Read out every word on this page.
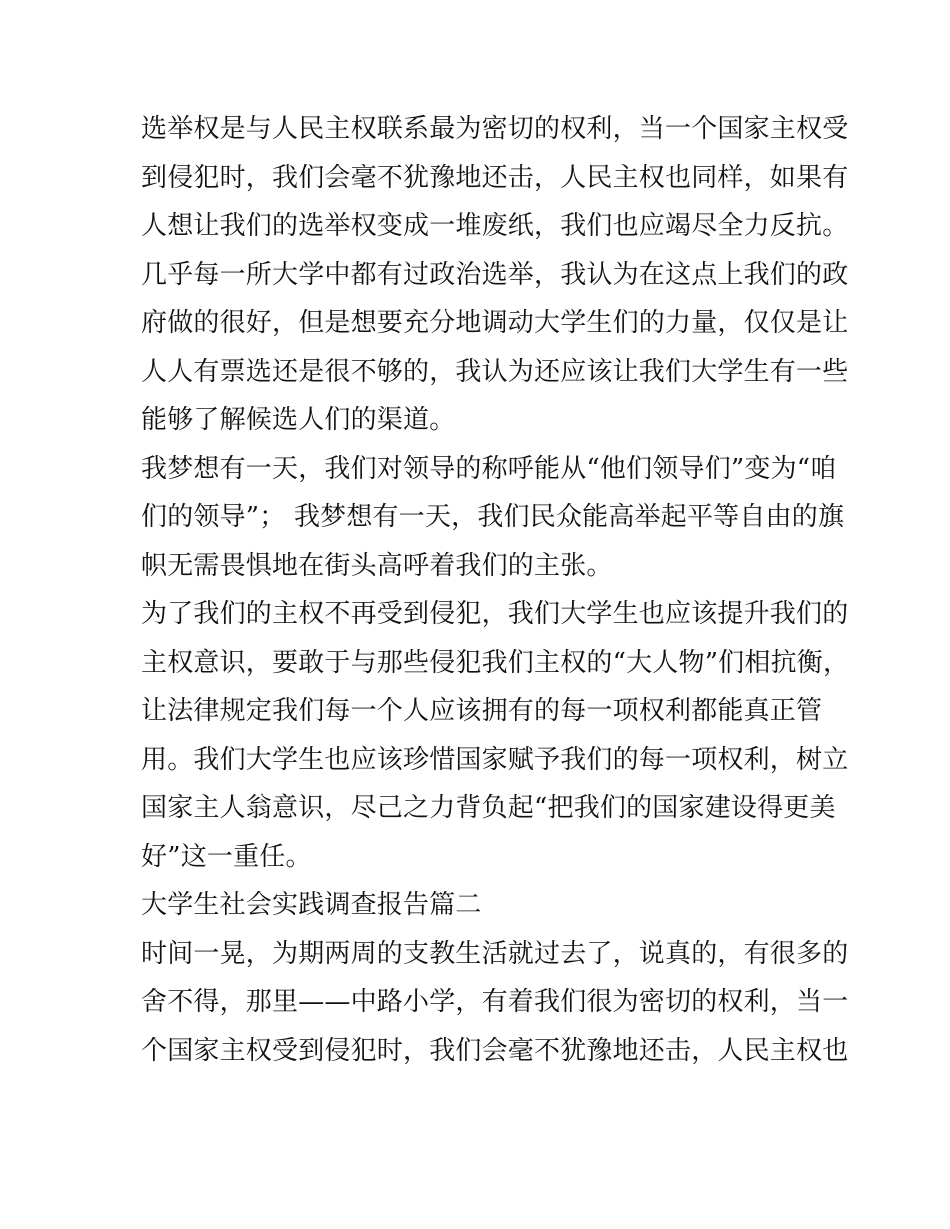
选举权是与人民主权联系最为密切的权利，当一个国家主权受
到侵犯时，我们会毫不犹豫地还击，人民主权也同样，如果有
人想让我们的选举权变成一堆废纸，我们也应竭尽全力反抗。
几乎每一所大学中都有过政治选举，我认为在这点上我们的政
府做的很好，但是想要充分地调动大学生们的力量，仅仅是让
人人有票选还是很不够的，我认为还应该让我们大学生有一些
能够了解候选人们的渠道。
我梦想有一天，我们对领导的称呼能从“他们领导们”变为“咱
们的领导”； 我梦想有一天，我们民众能高举起平等自由的旗
帜无需畏惧地在街头高呼着我们的主张。
为了我们的主权不再受到侵犯，我们大学生也应该提升我们的
主权意识，要敢于与那些侵犯我们主权的“大人物”们相抗衡，
让法律规定我们每一个人应该拥有的每一项权利都能真正管
用。我们大学生也应该珍惜国家赋予我们的每一项权利，树立
国家主人翁意识，尽己之力背负起“把我们的国家建设得更美
好”这一重任。
大学生社会实践调查报告篇二
时间一晃，为期两周的支教生活就过去了，说真的，有很多的
舍不得，那里——中路小学，有着我们很为密切的权利，当一
个国家主权受到侵犯时，我们会毫不犹豫地还击，人民主权也
